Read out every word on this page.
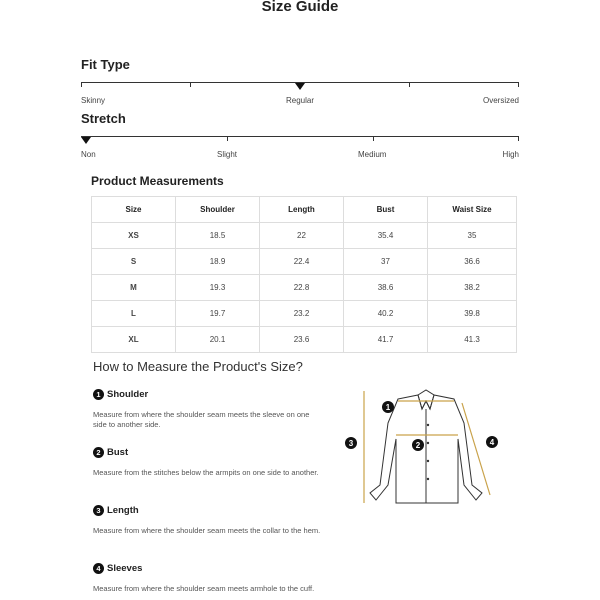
Size Guide
Fit Type
Skinny	Regular	Oversized
Stretch
Non	Slight	Medium	High
Product Measurements
Size	Shoulder	Length	Bust	Waist Size
XS	18.5	22	35.4	35
S	18.9	22.4	37	36.6
M	19.3	22.8	38.6	38.2
L	19.7	23.2	40.2	39.8
XL	20.1	23.6	41.7	41.3
How to Measure the Product's Size?
1 Shoulder
Measure from where the shoulder seam meets the sleeve on one side to another side.
2 Bust
Measure from the stitches below the armpits on one side to another.
3 Length
Measure from where the shoulder seam meets the collar to the hem.
4 Sleeves
Measure from where the shoulder seam meets armhole to the cuff.
1
2
3	4
